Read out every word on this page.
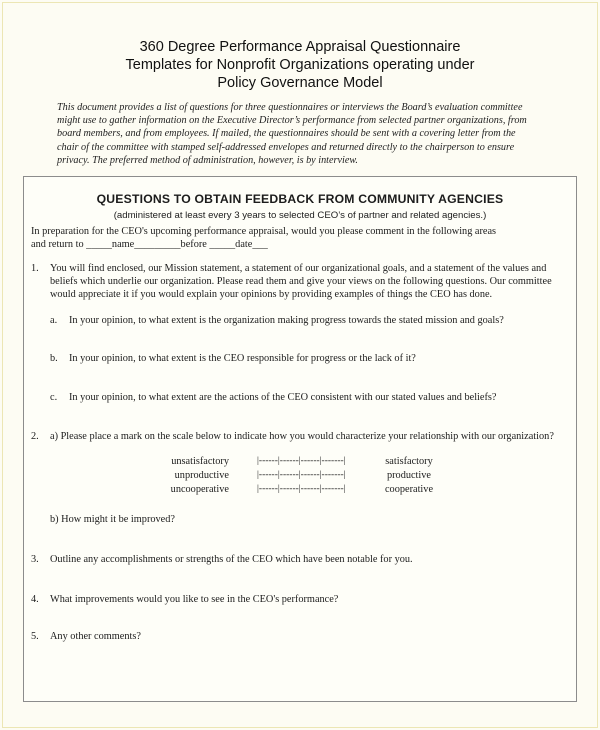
360 Degree Performance Appraisal Questionnaire
Templates for Nonprofit Organizations operating under
Policy Governance Model
This document provides a list of questions for three questionnaires or interviews the Board’s evaluation committee
might use to gather information on the Executive Director’s performance from selected partner organizations, from
board members, and from employees. If mailed, the questionnaires should be sent with a covering letter from the
chair of the committee with stamped self-addressed envelopes and returned directly to the chairperson to ensure
privacy. The preferred method of administration, however, is by interview.
QUESTIONS TO OBTAIN FEEDBACK FROM COMMUNITY AGENCIES
(administered at least every 3 years to selected CEO’s of partner and related agencies.)
In preparation for the CEO's upcoming performance appraisal, would you please comment in the following areas
and return to _____name_________before _____date___
1. You will find enclosed, our Mission statement, a statement of our organizational goals, and a statement of the values and
beliefs which underlie our organization. Please read them and give your views on the following questions. Our committee
would appreciate it if you would explain your opinions by providing examples of things the CEO has done.
a. In your opinion, to what extent is the organization making progress towards the stated mission and goals?
b. In your opinion, to what extent is the CEO responsible for progress or the lack of it?
c. In your opinion, to what extent are the actions of the CEO consistent with our stated values and beliefs?
2. a) Please place a mark on the scale below to indicate how you would characterize your relationship with our organization?
unsatisfactory	|------|------|------|-------|	satisfactory
unproductive	|------|------|------|-------|	productive
uncooperative	|------|------|------|-------|	cooperative
b) How might it be improved?
3. Outline any accomplishments or strengths of the CEO which have been notable for you.
4. What improvements would you like to see in the CEO's performance?
5. Any other comments?
